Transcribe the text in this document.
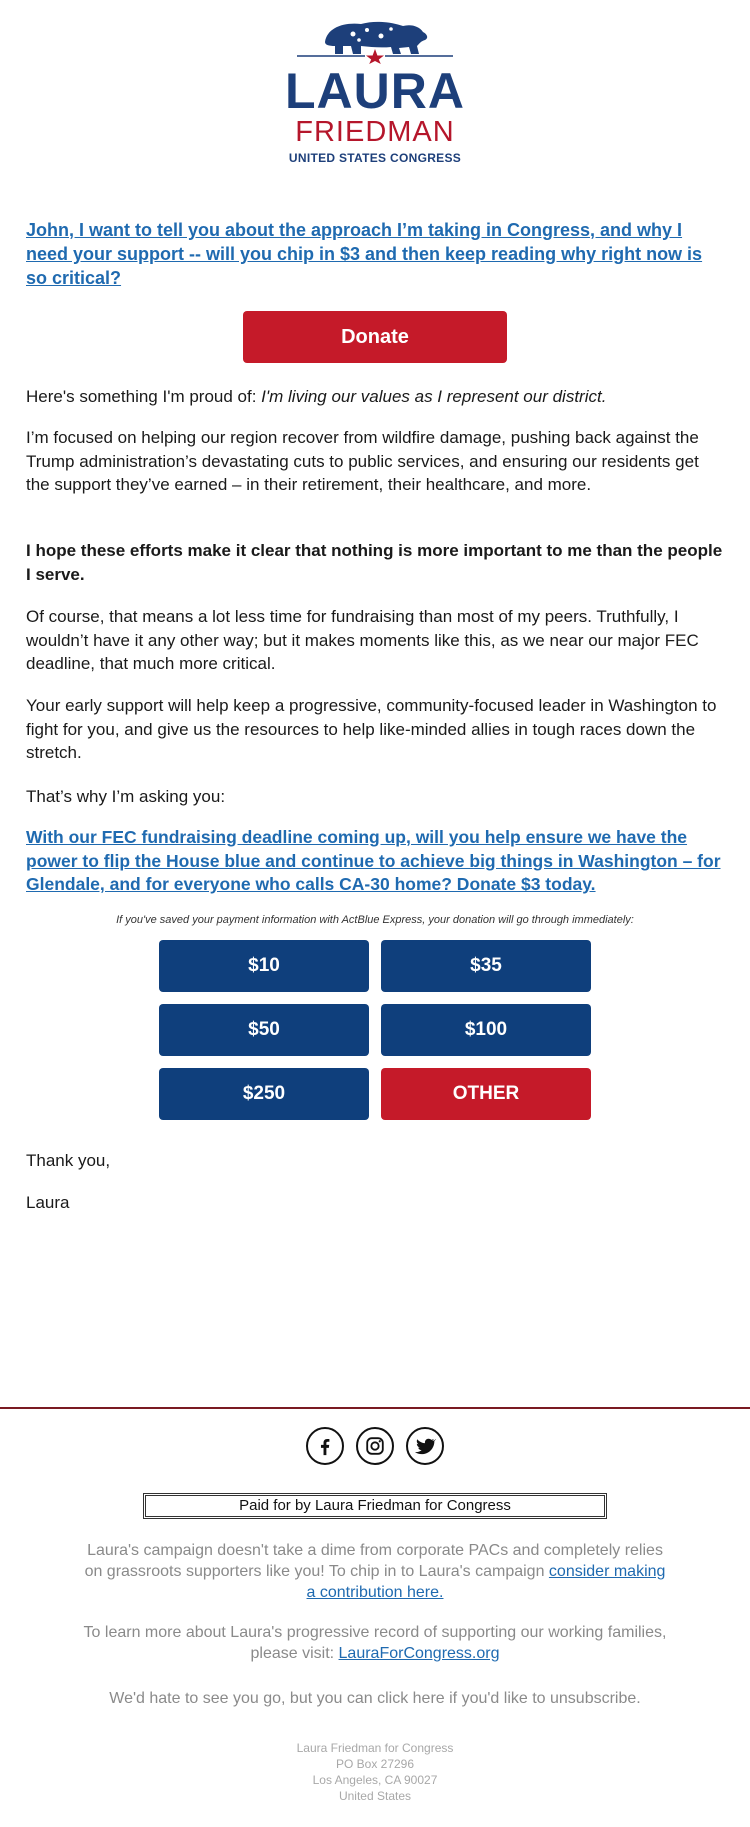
LAURA
FRIEDMAN
UNITED STATES CONGRESS
John, I want to tell you about the approach I’m taking in Congress, and why I need your support -- will you chip in $3 and then keep reading why right now is so critical?
Donate
Here's something I'm proud of: I'm living our values as I represent our district.
I’m focused on helping our region recover from wildfire damage, pushing back against the Trump administration’s devastating cuts to public services, and ensuring our residents get the support they’ve earned – in their retirement, their healthcare, and more.
I hope these efforts make it clear that nothing is more important to me than the people I serve.
Of course, that means a lot less time for fundraising than most of my peers. Truthfully, I wouldn’t have it any other way; but it makes moments like this, as we near our major FEC deadline, that much more critical.
Your early support will help keep a progressive, community-focused leader in Washington to fight for you, and give us the resources to help like-minded allies in tough races down the stretch.
That’s why I’m asking you:
With our FEC fundraising deadline coming up, will you help ensure we have the power to flip the House blue and continue to achieve big things in Washington – for Glendale, and for everyone who calls CA-30 home? Donate $3 today.
If you've saved your payment information with ActBlue Express, your donation will go through immediately:
$10	$35
$50	$100
$250	OTHER
Thank you,
Laura
Paid for by Laura Friedman for Congress
Laura's campaign doesn't take a dime from corporate PACs and completely relies on grassroots supporters like you! To chip in to Laura's campaign consider making a contribution here.
To learn more about Laura's progressive record of supporting our working families, please visit: LauraForCongress.org
We'd hate to see you go, but you can click here if you'd like to unsubscribe.
Laura Friedman for Congress
PO Box 27296
Los Angeles, CA 90027
United States
